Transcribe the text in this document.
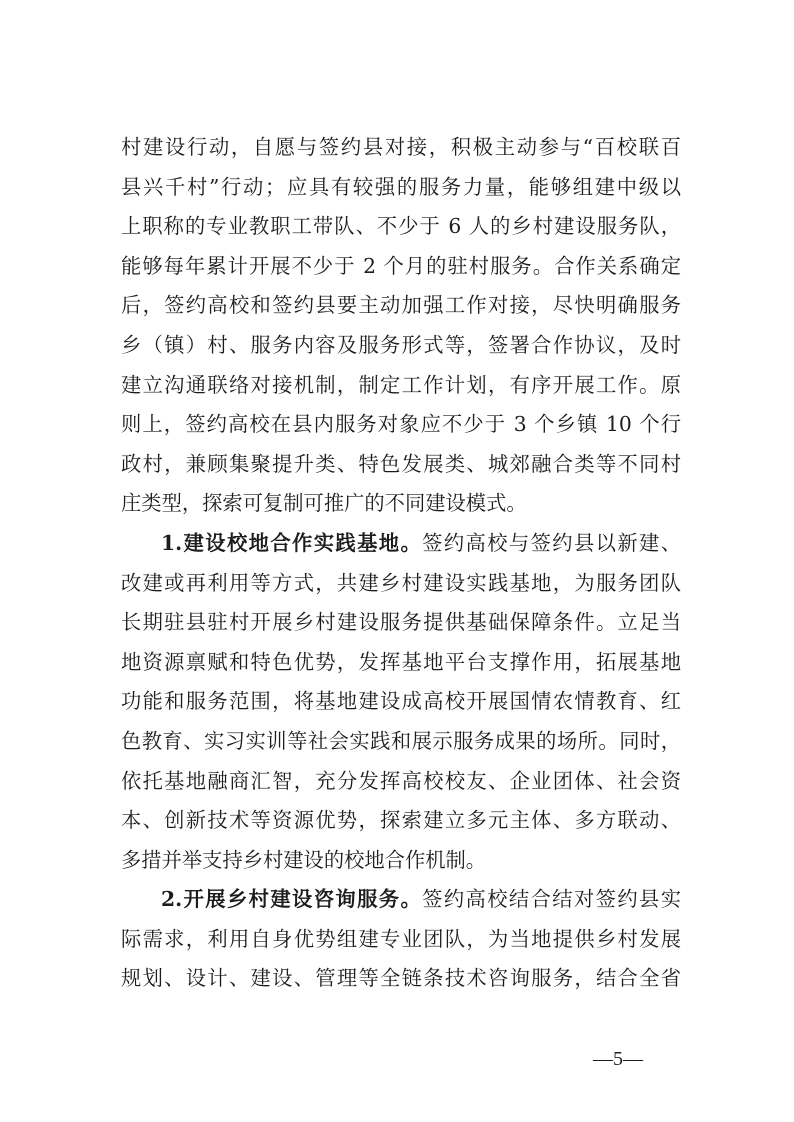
村建设行动，自愿与签约县对接，积极主动参与“百校联百
县兴千村”行动；应具有较强的服务力量，能够组建中级以
上职称的专业教职工带队、不少于 6 人的乡村建设服务队，
能够每年累计开展不少于 2 个月的驻村服务。合作关系确定
后，签约高校和签约县要主动加强工作对接，尽快明确服务
乡（镇）村、服务内容及服务形式等，签署合作协议，及时
建立沟通联络对接机制，制定工作计划，有序开展工作。原
则上，签约高校在县内服务对象应不少于 3 个乡镇 10 个行
政村，兼顾集聚提升类、特色发展类、城郊融合类等不同村
庄类型，探索可复制可推广的不同建设模式。
1.建设校地合作实践基地。签约高校与签约县以新建、
改建或再利用等方式，共建乡村建设实践基地，为服务团队
长期驻县驻村开展乡村建设服务提供基础保障条件。立足当
地资源禀赋和特色优势，发挥基地平台支撑作用，拓展基地
功能和服务范围，将基地建设成高校开展国情农情教育、红
色教育、实习实训等社会实践和展示服务成果的场所。同时，
依托基地融商汇智，充分发挥高校校友、企业团体、社会资
本、创新技术等资源优势，探索建立多元主体、多方联动、
多措并举支持乡村建设的校地合作机制。
2.开展乡村建设咨询服务。签约高校结合结对签约县实
际需求，利用自身优势组建专业团队，为当地提供乡村发展
规划、设计、建设、管理等全链条技术咨询服务，结合全省
—5—
